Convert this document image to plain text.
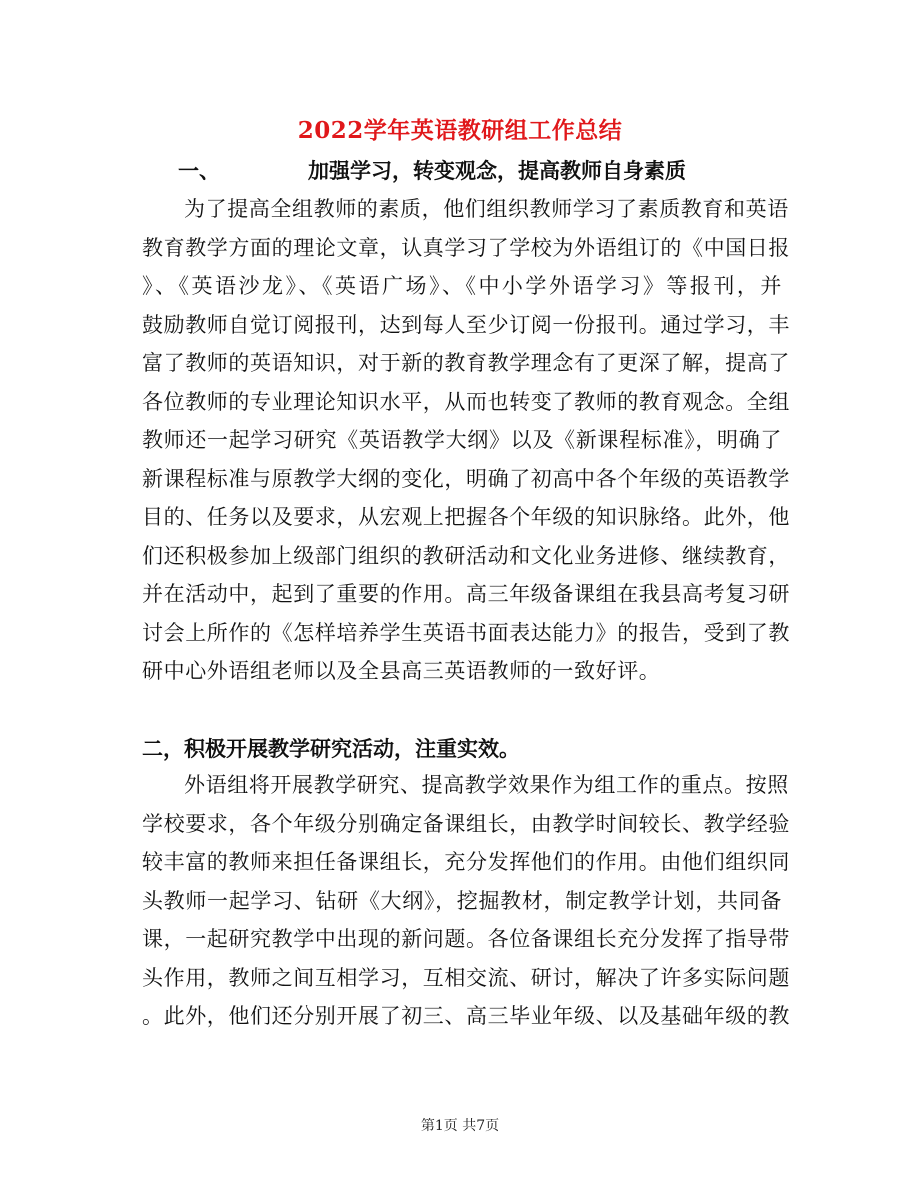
2022学年英语教研组工作总结
一、	加强学习，转变观念，提高教师自身素质
为了提高全组教师的素质，他们组织教师学习了素质教育和英语
教育教学方面的理论文章，认真学习了学校为外语组订的《中国日报
》、《英语沙龙》、《英语广场》、《中小学外语学习》等报刊，并
鼓励教师自觉订阅报刊，达到每人至少订阅一份报刊。通过学习，丰
富了教师的英语知识，对于新的教育教学理念有了更深了解，提高了
各位教师的专业理论知识水平，从而也转变了教师的教育观念。全组
教师还一起学习研究《英语教学大纲》以及《新课程标准》，明确了
新课程标准与原教学大纲的变化，明确了初高中各个年级的英语教学
目的、任务以及要求，从宏观上把握各个年级的知识脉络。此外，他
们还积极参加上级部门组织的教研活动和文化业务进修、继续教育，
并在活动中，起到了重要的作用。高三年级备课组在我县高考复习研
讨会上所作的《怎样培养学生英语书面表达能力》的报告，受到了教
研中心外语组老师以及全县高三英语教师的一致好评。
二，积极开展教学研究活动，注重实效。
外语组将开展教学研究、提高教学效果作为组工作的重点。按照
学校要求，各个年级分别确定备课组长，由教学时间较长、教学经验
较丰富的教师来担任备课组长，充分发挥他们的作用。由他们组织同
头教师一起学习、钻研《大纲》，挖掘教材，制定教学计划，共同备
课，一起研究教学中出现的新问题。各位备课组长充分发挥了指导带
头作用，教师之间互相学习，互相交流、研讨，解决了许多实际问题
。此外，他们还分别开展了初三、高三毕业年级、以及基础年级的教
第1页 共7页
